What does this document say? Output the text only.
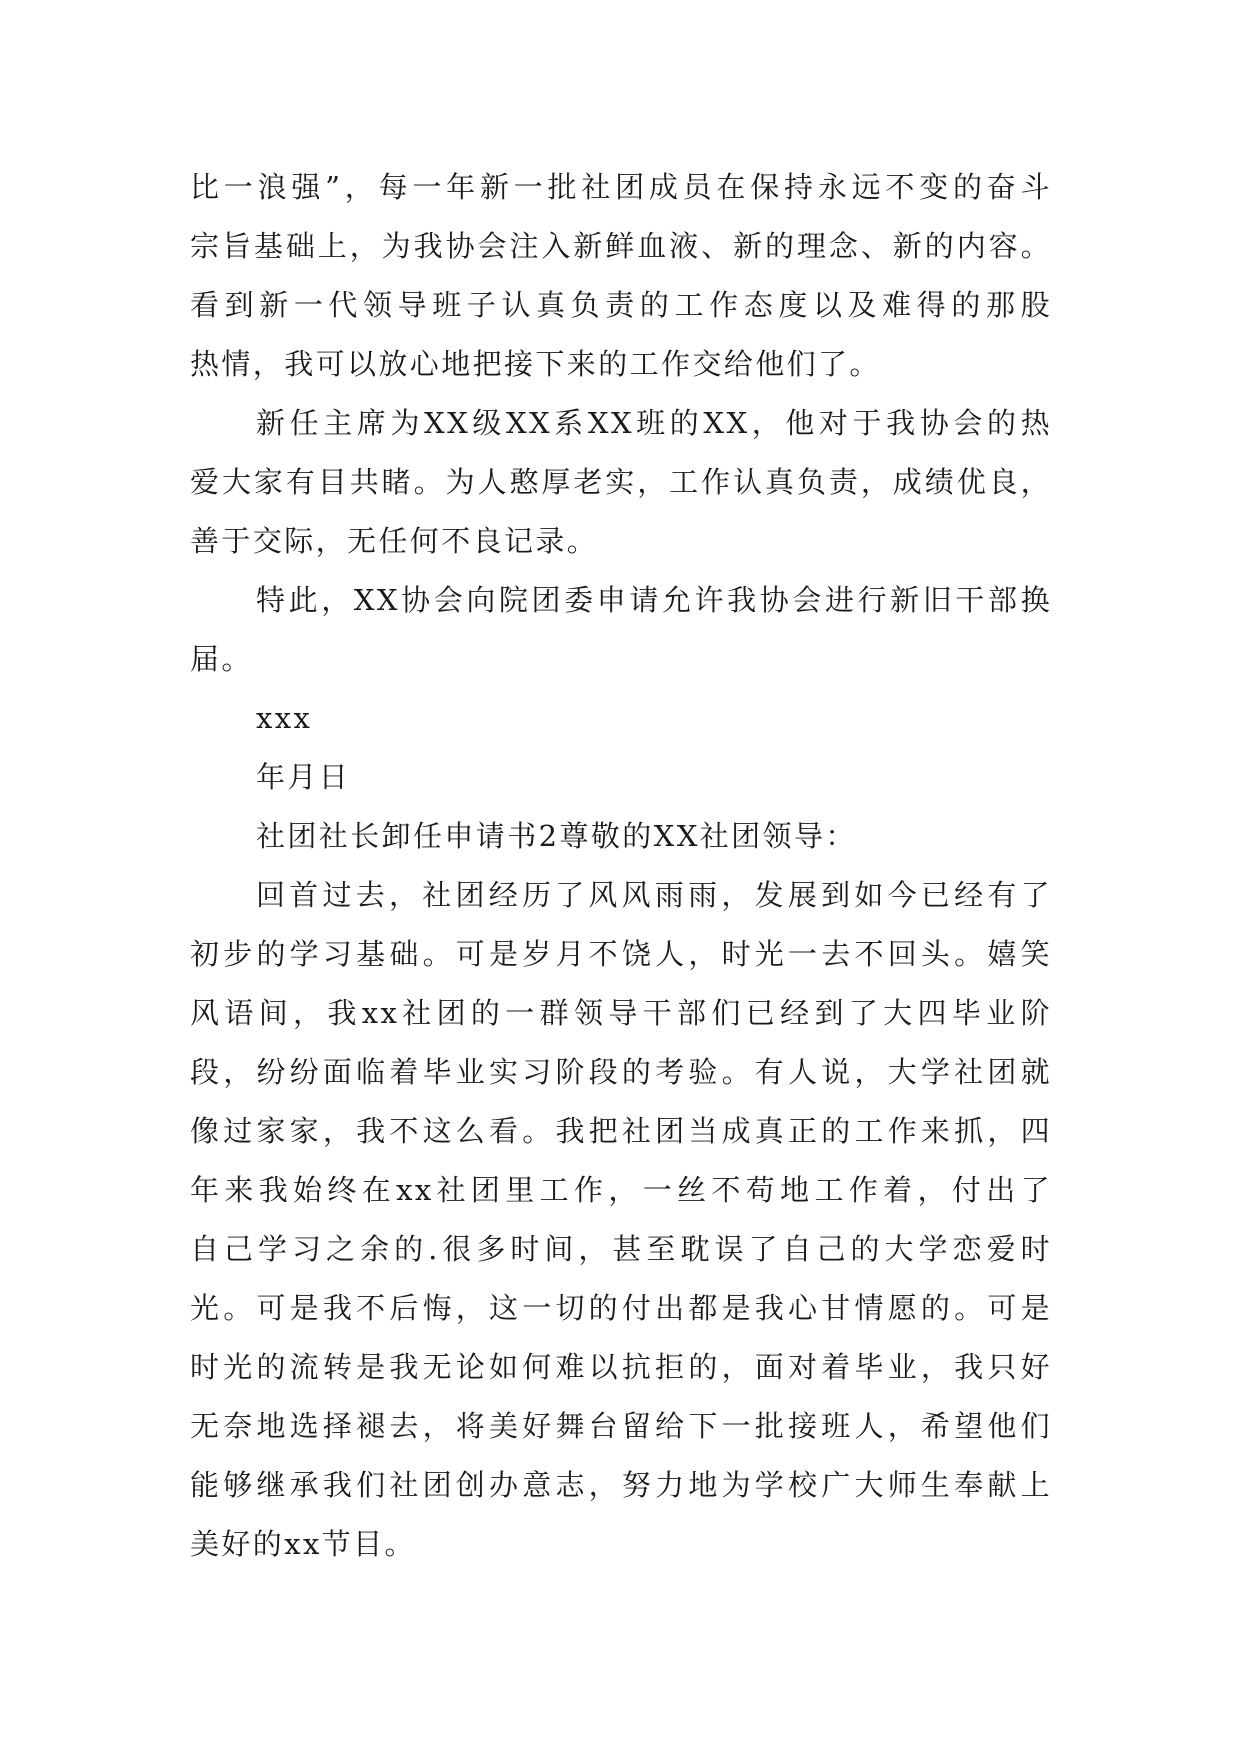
比一浪强”，每一年新一批社团成员在保持永远不变的奋斗
宗旨基础上，为我协会注入新鲜血液、新的理念、新的内容。
看到新一代领导班子认真负责的工作态度以及难得的那股
热情，我可以放心地把接下来的工作交给他们了。
新任主席为XX级XX系XX班的XX，他对于我协会的热
爱大家有目共睹。为人憨厚老实，工作认真负责，成绩优良，
善于交际，无任何不良记录。
特此，XX协会向院团委申请允许我协会进行新旧干部换
届。
xxx
年月日
社团社长卸任申请书2尊敬的XX社团领导：
回首过去，社团经历了风风雨雨，发展到如今已经有了
初步的学习基础。可是岁月不饶人，时光一去不回头。嬉笑
风语间，我xx社团的一群领导干部们已经到了大四毕业阶
段，纷纷面临着毕业实习阶段的考验。有人说，大学社团就
像过家家，我不这么看。我把社团当成真正的工作来抓，四
年来我始终在xx社团里工作，一丝不苟地工作着，付出了
自己学习之余的.很多时间，甚至耽误了自己的大学恋爱时
光。可是我不后悔，这一切的付出都是我心甘情愿的。可是
时光的流转是我无论如何难以抗拒的，面对着毕业，我只好
无奈地选择褪去，将美好舞台留给下一批接班人，希望他们
能够继承我们社团创办意志，努力地为学校广大师生奉献上
美好的xx节目。
